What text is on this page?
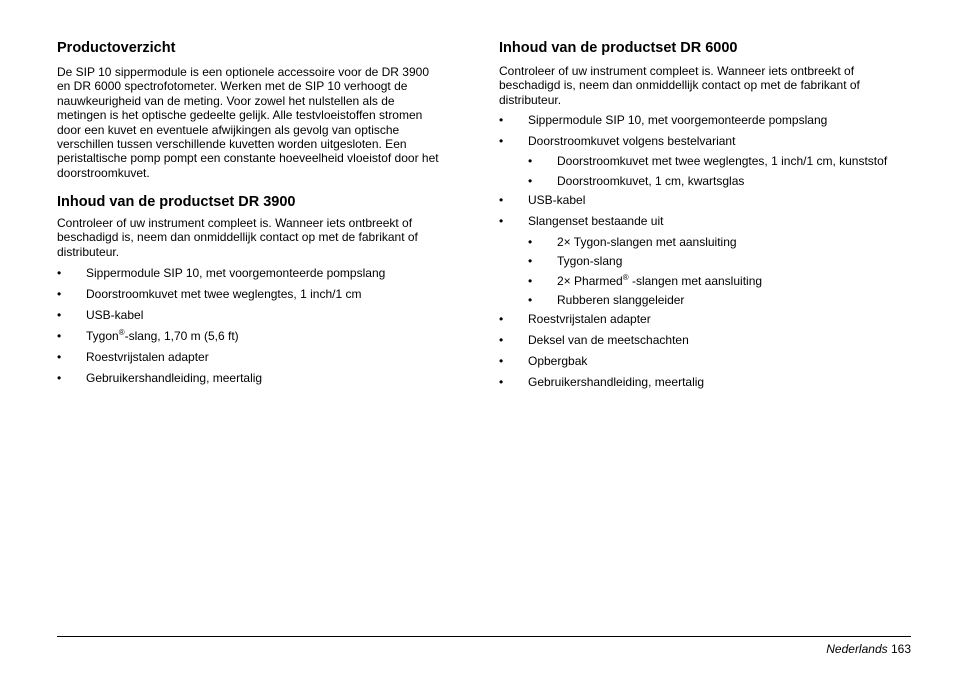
Productoverzicht
De SIP 10 sippermodule is een optionele accessoire voor de DR 3900
en DR 6000 spectrofotometer. Werken met de SIP 10 verhoogt de
nauwkeurigheid van de meting. Voor zowel het nulstellen als de
metingen is het optische gedeelte gelijk. Alle testvloeistoffen stromen
door een kuvet en eventuele afwijkingen als gevolg van optische
verschillen tussen verschillende kuvetten worden uitgesloten. Een
peristaltische pomp pompt een constante hoeveelheid vloeistof door het
doorstroomkuvet.
Inhoud van de productset DR 3900
Controleer of uw instrument compleet is. Wanneer iets ontbreekt of
beschadigd is, neem dan onmiddellijk contact op met de fabrikant of
distributeur.
• Sippermodule SIP 10, met voorgemonteerde pompslang
• Doorstroomkuvet met twee weglengtes, 1 inch/1 cm
• USB-kabel
• Tygon®-slang, 1,70 m (5,6 ft)
• Roestvrijstalen adapter
• Gebruikershandleiding, meertalig
Inhoud van de productset DR 6000
Controleer of uw instrument compleet is. Wanneer iets ontbreekt of
beschadigd is, neem dan onmiddellijk contact op met de fabrikant of
distributeur.
• Sippermodule SIP 10, met voorgemonteerde pompslang
• Doorstroomkuvet volgens bestelvariant
• Doorstroomkuvet met twee weglengtes, 1 inch/1 cm, kunststof
• Doorstroomkuvet, 1 cm, kwartsglas
• USB-kabel
• Slangenset bestaande uit
• 2× Tygon-slangen met aansluiting
• Tygon-slang
• 2× Pharmed® -slangen met aansluiting
• Rubberen slanggeleider
• Roestvrijstalen adapter
• Deksel van de meetschachten
• Opbergbak
• Gebruikershandleiding, meertalig
Nederlands 163
